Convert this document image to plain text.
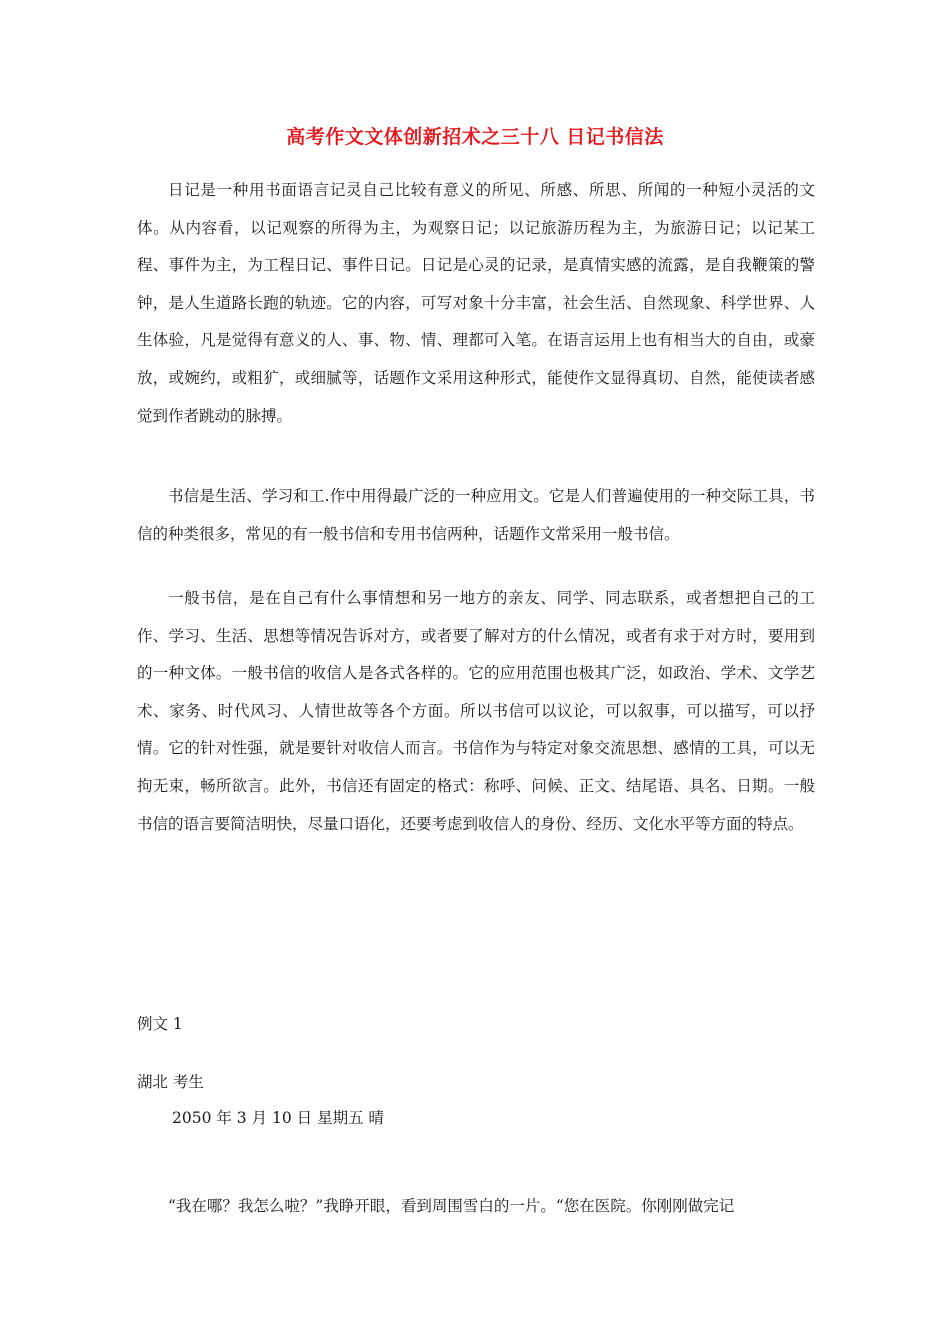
高考作文文体创新招术之三十八 日记书信法

日记是一种用书面语言记灵自己比较有意义的所见、所感、所思、所闻的一种短小灵活的文体。从内容看，以记观察的所得为主，为观察日记；以记旅游历程为主，为旅游日记；以记某工程、事件为主，为工程日记、事件日记。日记是心灵的记录，是真情实感的流露，是自我鞭策的警钟，是人生道路长跑的轨迹。它的内容，可写对象十分丰富，社会生活、自然现象、科学世界、人生体验，凡是觉得有意义的人、事、物、情、理都可入笔。在语言运用上也有相当大的自由，或豪放，或婉约，或粗犷，或细腻等，话题作文采用这种形式，能使作文显得真切、自然，能使读者感觉到作者跳动的脉搏。

书信是生活、学习和工.作中用得最广泛的一种应用文。它是人们普遍使用的一种交际工具，书信的种类很多，常见的有一般书信和专用书信两种，话题作文常采用一般书信。

一般书信，是在自己有什么事情想和另一地方的亲友、同学、同志联系，或者想把自己的工作、学习、生活、思想等情况告诉对方，或者要了解对方的什么情况，或者有求于对方时，要用到的一种文体。一般书信的收信人是各式各样的。它的应用范围也极其广泛，如政治、学术、文学艺术、家务、时代风习、人情世故等各个方面。所以书信可以议论，可以叙事，可以描写，可以抒情。它的针对性强，就是要针对收信人而言。书信作为与特定对象交流思想、感情的工具，可以无拘无束，畅所欲言。此外，书信还有固定的格式：称呼、问候、正文、结尾语、具名、日期。一般书信的语言要简洁明快，尽量口语化，还要考虑到收信人的身份、经历、文化水平等方面的特点。

例文 1
湖北 考生
2050 年 3 月 10 日 星期五 晴

“我在哪？我怎么啦？”我睁开眼，看到周围雪白的一片。“您在医院。你刚刚做完记
